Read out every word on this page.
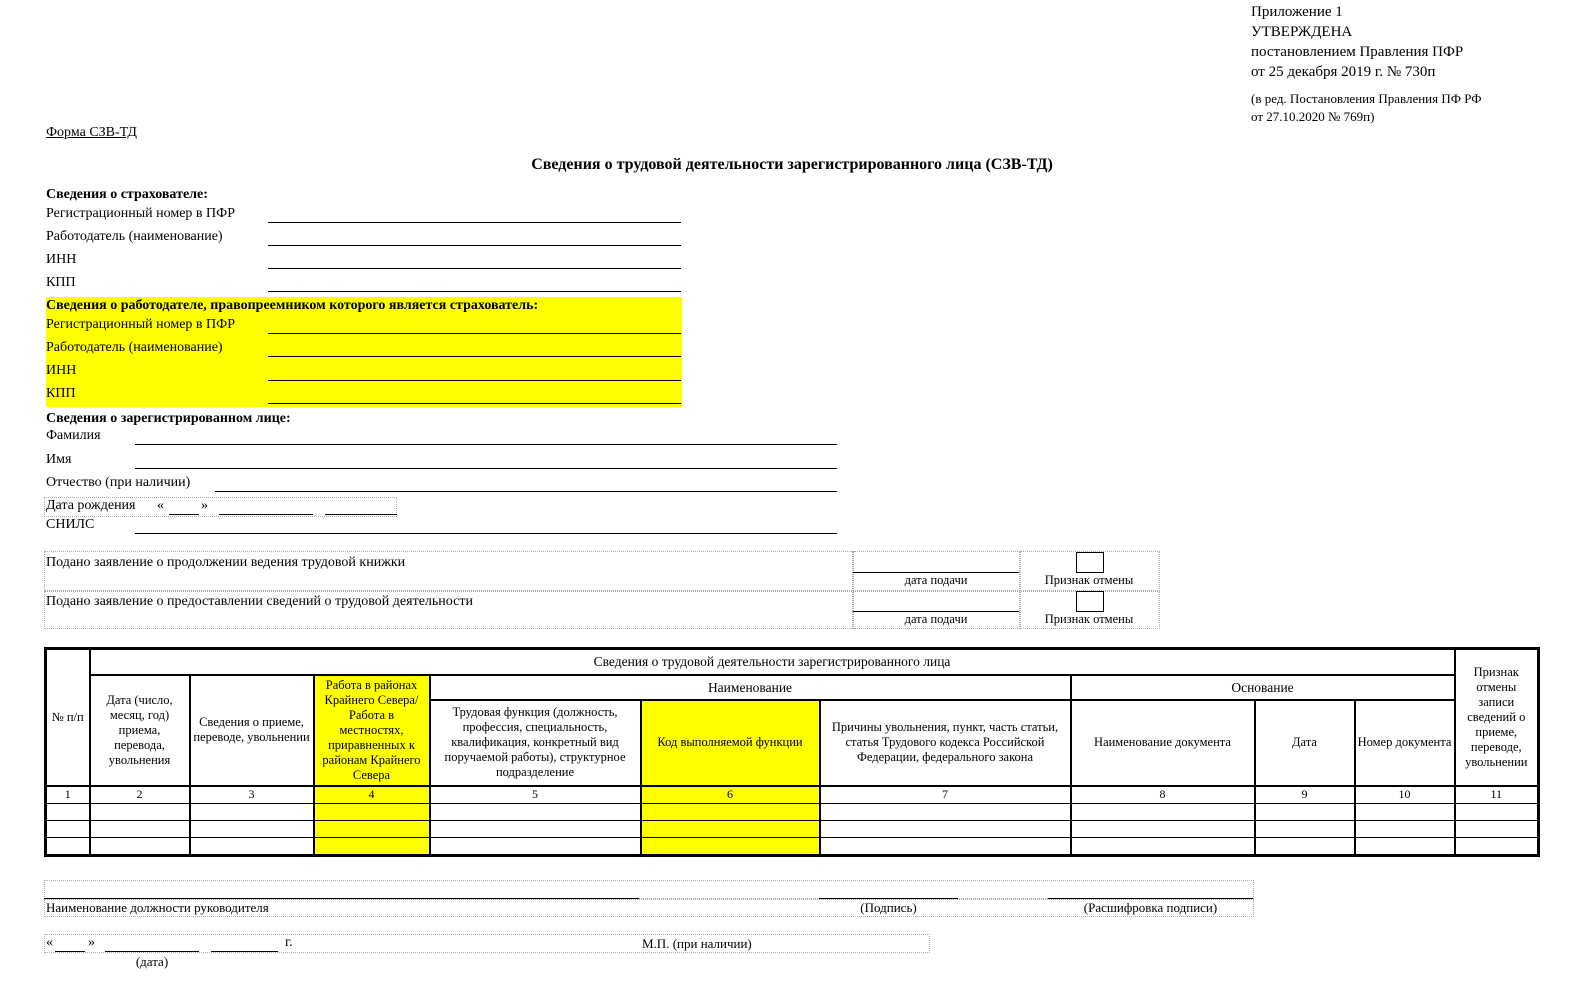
Приложение 1
УТВЕРЖДЕНА
постановлением Правления ПФР
от 25 декабря 2019 г. № 730п
(в ред. Постановления Правления ПФ РФ
от 27.10.2020 № 769п)
Форма СЗВ-ТД
Сведения о трудовой деятельности зарегистрированного лица (СЗВ-ТД)
Сведения о страхователе:
Регистрационный номер в ПФР
Работодатель (наименование)
ИНН
КПП
Сведения о работодателе, правопреемником которого является страхователь:
Регистрационный номер в ПФР
Работодатель (наименование)
ИНН
КПП
Сведения о зарегистрированном лице:
Фамилия
Имя
Отчество (при наличии)
Дата рождения «	»
СНИЛС
Подано заявление о продолжении ведения трудовой книжки
дата подачи	Признак отмены
Подано заявление о предоставлении сведений о трудовой деятельности
дата подачи	Признак отмены
№ п/п	Сведения о трудовой деятельности зарегистрированного лица									Признак отмены записи сведений о приеме, переводе, увольнении
	Дата (число, месяц, год) приема, перевода, увольнения	Сведения о приеме, переводе, увольнении	Работа в районах Крайнего Севера/Работа в местностях, приравненных к районам Крайнего Севера	Наименование			Основание			
				Трудовая функция (должность, профессия, специальность, квалификация, конкретный вид поручаемой работы), структурное подразделение	Код выполняемой функции	Причины увольнения, пункт, часть статьи, статья Трудового кодекса Российской Федерации, федерального закона	Наименование документа	Дата	Номер документа	
1	2	3	4	5	6	7	8	9	10	11

Наименование должности руководителя	(Подпись)	(Расшифровка подписи)
«	»	г.	М.П. (при наличии)
(дата)
